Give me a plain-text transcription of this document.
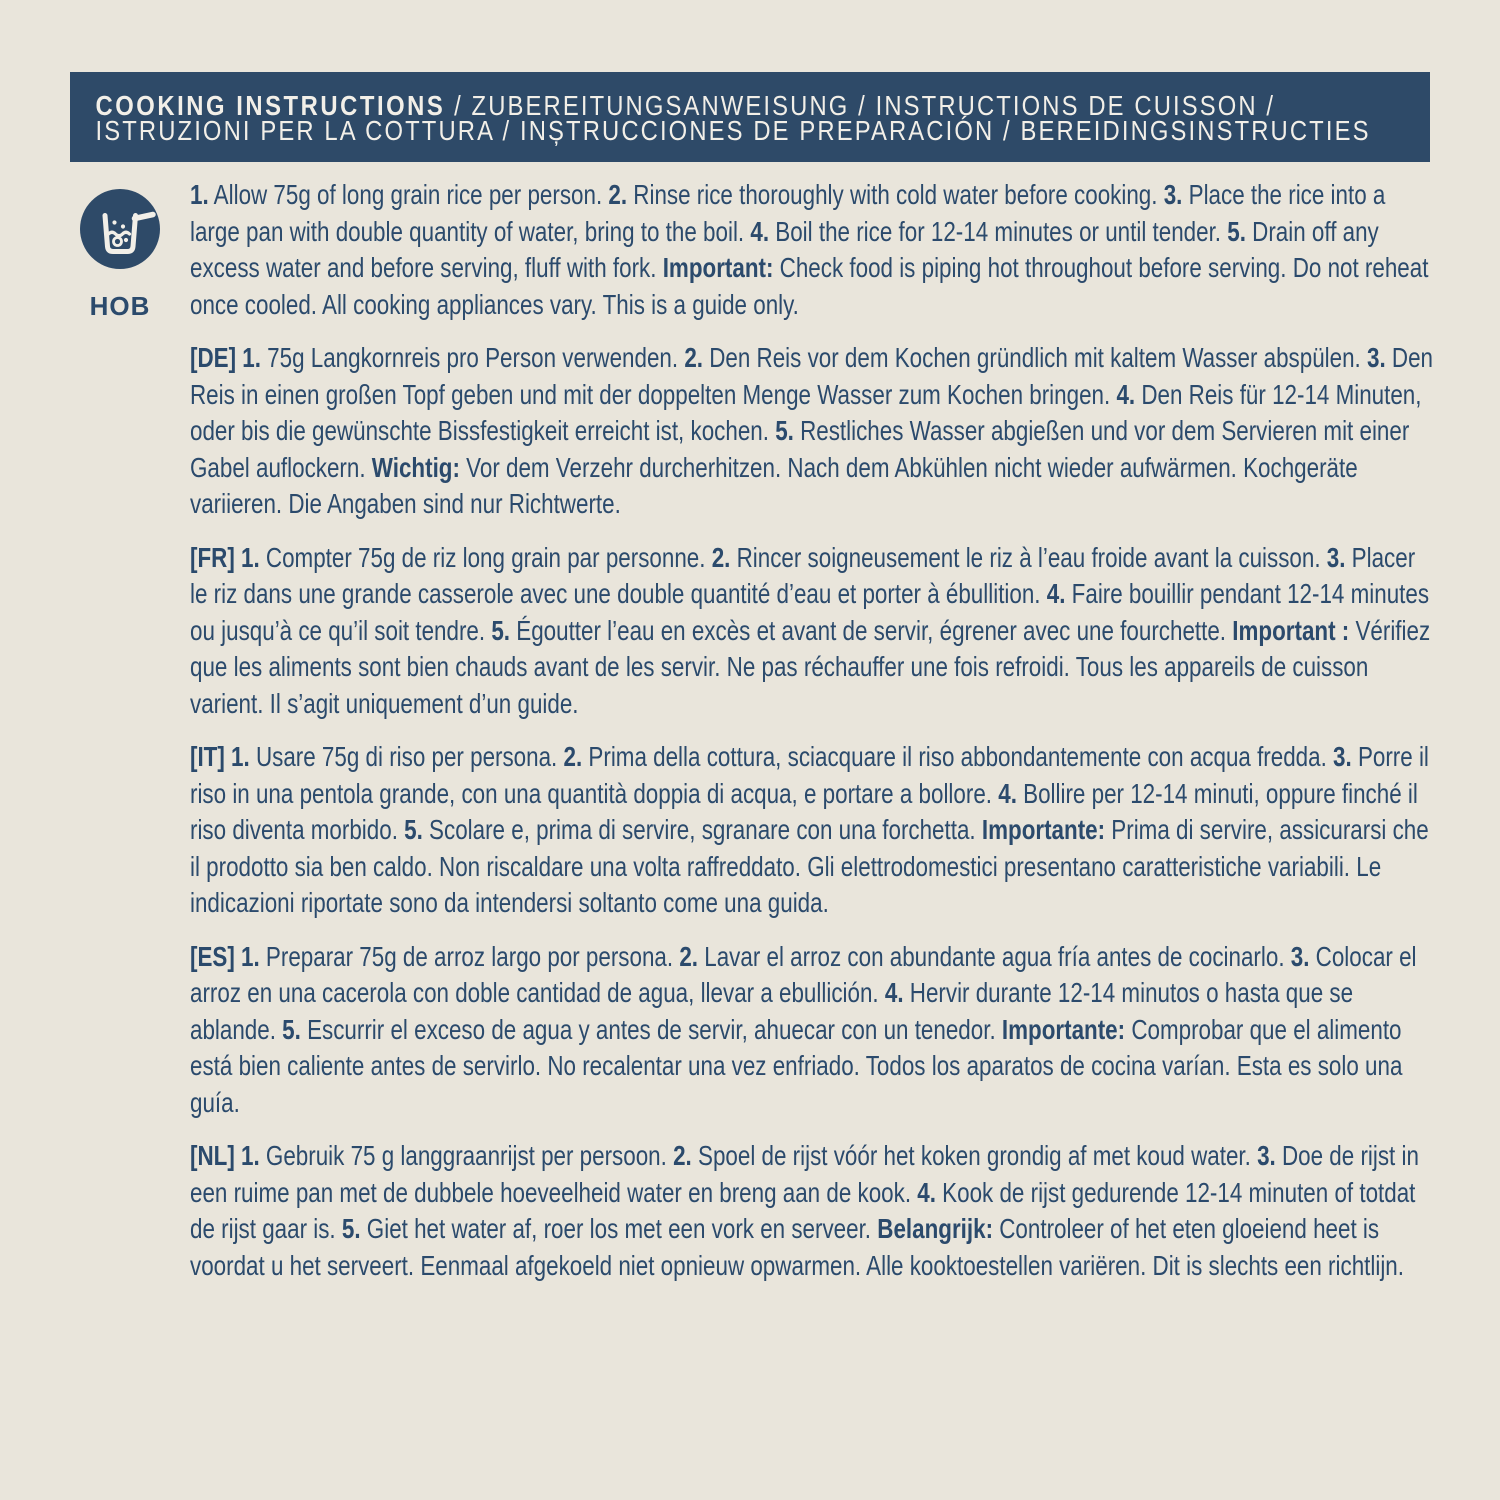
COOKING INSTRUCTIONS / ZUBEREITUNGSANWEISUNG / INSTRUCTIONS DE CUISSON /
ISTRUZIONI PER LA COTTURA / INȘTRUCCIONES DE PREPARACIÓN / BEREIDINGSINSTRUCTIES
HOB

1. Allow 75g of long grain rice per person. 2. Rinse rice thoroughly with cold water before cooking. 3. Place the rice into a large pan with double quantity of water, bring to the boil. 4. Boil the rice for 12-14 minutes or until tender. 5. Drain off any excess water and before serving, fluff with fork. Important: Check food is piping hot throughout before serving. Do not reheat once cooled. All cooking appliances vary. This is a guide only.

[DE] 1. 75g Langkornreis pro Person verwenden. 2. Den Reis vor dem Kochen gründlich mit kaltem Wasser abspülen. 3. Den Reis in einen großen Topf geben und mit der doppelten Menge Wasser zum Kochen bringen. 4. Den Reis für 12-14 Minuten, oder bis die gewünschte Bissfestigkeit erreicht ist, kochen. 5. Restliches Wasser abgießen und vor dem Servieren mit einer Gabel auflockern. Wichtig: Vor dem Verzehr durcherhitzen. Nach dem Abkühlen nicht wieder aufwärmen. Kochgeräte variieren. Die Angaben sind nur Richtwerte.

[FR] 1. Compter 75g de riz long grain par personne. 2. Rincer soigneusement le riz à l’eau froide avant la cuisson. 3. Placer le riz dans une grande casserole avec une double quantité d’eau et porter à ébullition. 4. Faire bouillir pendant 12-14 minutes ou jusqu’à ce qu’il soit tendre. 5. Égoutter l’eau en excès et avant de servir, égrener avec une fourchette. Important : Vérifiez que les aliments sont bien chauds avant de les servir. Ne pas réchauffer une fois refroidi. Tous les appareils de cuisson varient. Il s’agit uniquement d’un guide.

[IT] 1. Usare 75g di riso per persona. 2. Prima della cottura, sciacquare il riso abbondantemente con acqua fredda. 3. Porre il riso in una pentola grande, con una quantità doppia di acqua, e portare a bollore. 4. Bollire per 12-14 minuti, oppure finché il riso diventa morbido. 5. Scolare e, prima di servire, sgranare con una forchetta. Importante: Prima di servire, assicurarsi che il prodotto sia ben caldo. Non riscaldare una volta raffreddato. Gli elettrodomestici presentano caratteristiche variabili. Le indicazioni riportate sono da intendersi soltanto come una guida.

[ES] 1. Preparar 75g de arroz largo por persona. 2. Lavar el arroz con abundante agua fría antes de cocinarlo. 3. Colocar el arroz en una cacerola con doble cantidad de agua, llevar a ebullición. 4. Hervir durante 12-14 minutos o hasta que se ablande. 5. Escurrir el exceso de agua y antes de servir, ahuecar con un tenedor. Importante: Comprobar que el alimento está bien caliente antes de servirlo. No recalentar una vez enfriado. Todos los aparatos de cocina varían. Esta es solo una guía.

[NL] 1. Gebruik 75 g langgraanrijst per persoon. 2. Spoel de rijst vóór het koken grondig af met koud water. 3. Doe de rijst in een ruime pan met de dubbele hoeveelheid water en breng aan de kook. 4. Kook de rijst gedurende 12-14 minuten of totdat de rijst gaar is. 5. Giet het water af, roer los met een vork en serveer. Belangrijk: Controleer of het eten gloeiend heet is voordat u het serveert. Eenmaal afgekoeld niet opnieuw opwarmen. Alle kooktoestellen variëren. Dit is slechts een richtlijn.
